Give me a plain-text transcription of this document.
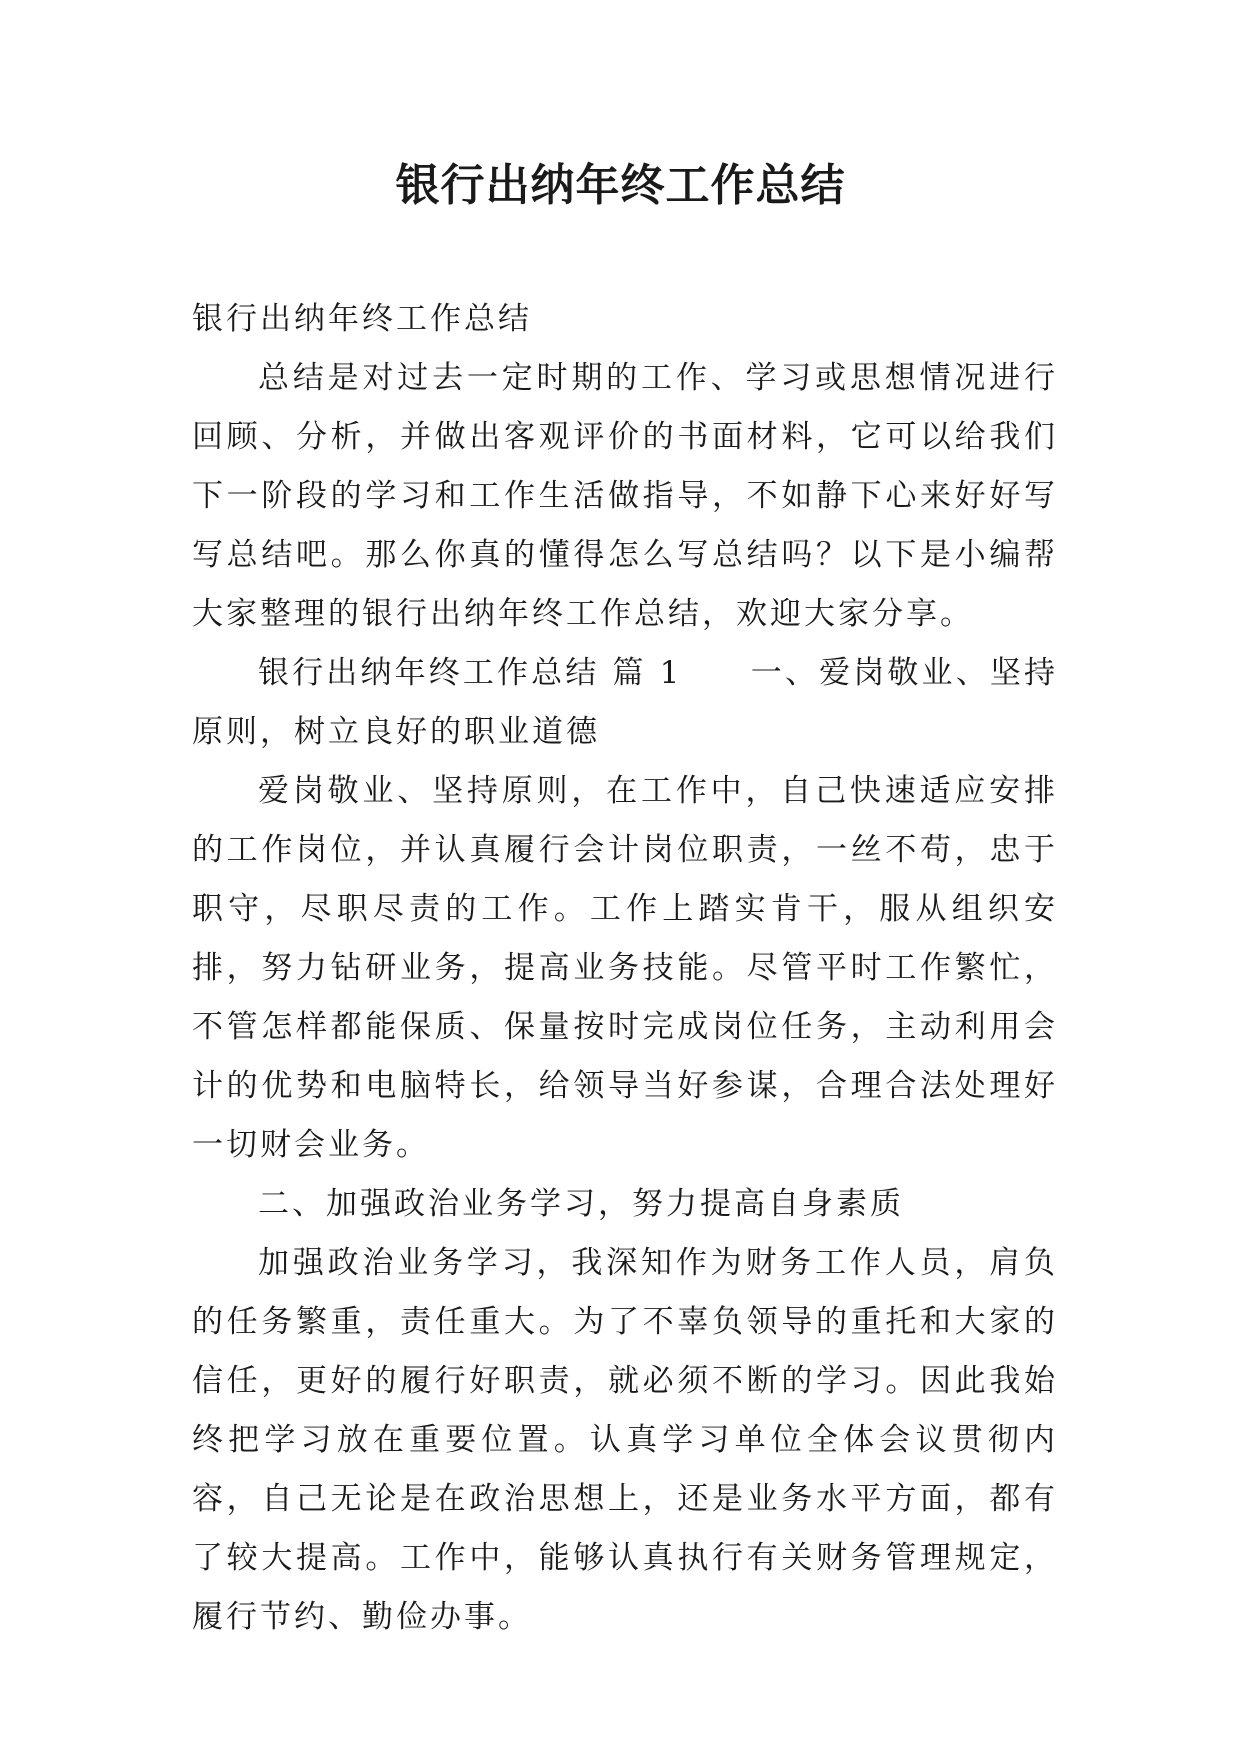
银行出纳年终工作总结

银行出纳年终工作总结

总结是对过去一定时期的工作、学习或思想情况进行回顾、分析，并做出客观评价的书面材料，它可以给我们下一阶段的学习和工作生活做指导，不如静下心来好好写写总结吧。那么你真的懂得怎么写总结吗？以下是小编帮大家整理的银行出纳年终工作总结，欢迎大家分享。

银行出纳年终工作总结 篇 1　　一、爱岗敬业、坚持原则，树立良好的职业道德

爱岗敬业、坚持原则，在工作中，自己快速适应安排的工作岗位，并认真履行会计岗位职责，一丝不苟，忠于职守，尽职尽责的工作。工作上踏实肯干，服从组织安排，努力钻研业务，提高业务技能。尽管平时工作繁忙，不管怎样都能保质、保量按时完成岗位任务，主动利用会计的优势和电脑特长，给领导当好参谋，合理合法处理好一切财会业务。

二、加强政治业务学习，努力提高自身素质

加强政治业务学习，我深知作为财务工作人员，肩负的任务繁重，责任重大。为了不辜负领导的重托和大家的信任，更好的履行好职责，就必须不断的学习。因此我始终把学习放在重要位置。认真学习单位全体会议贯彻内容，自己无论是在政治思想上，还是业务水平方面，都有了较大提高。工作中，能够认真执行有关财务管理规定，履行节约、勤俭办事。
